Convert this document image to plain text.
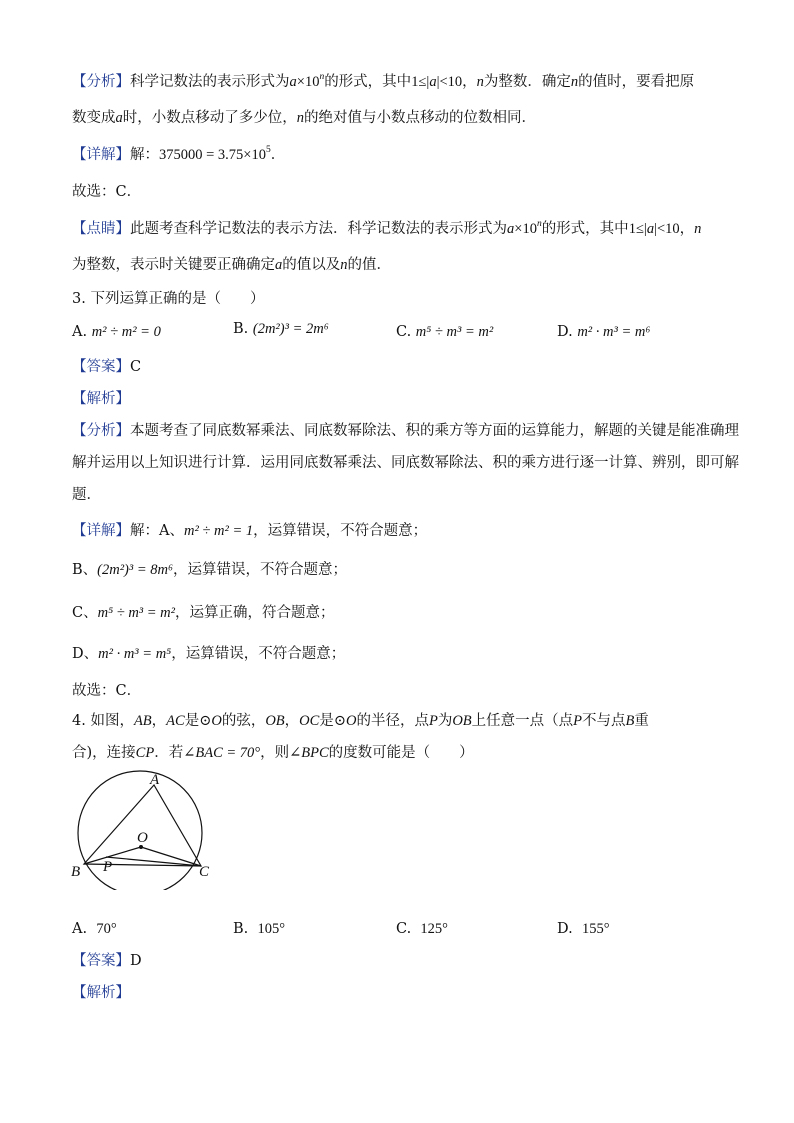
【分析】科学记数法的表示形式为$a\times 10^n$的形式，其中1≤|a|<10，n为整数．确定n的值时，要看把原
数变成a时，小数点移动了多少位，n的绝对值与小数点移动的位数相同．
【详解】解：$375000 = 3.75\times 10^5$．
故选：C．
【点睛】此题考查科学记数法的表示方法．科学记数法的表示形式为$a\times 10^n$的形式，其中1≤|a|<10，n
为整数，表示时关键要正确确定a的值以及n的值．
3. 下列运算正确的是（　　）
A. m² ÷ m² = 0	B. (2m²)³ = 2m⁶	C. m⁵ ÷ m³ = m²	D. m² · m³ = m⁶
【答案】C
【解析】
【分析】本题考查了同底数幂乘法、同底数幂除法、积的乘方等方面的运算能力，解题的关键是能准确理
解并运用以上知识进行计算．运用同底数幂乘法、同底数幂除法、积的乘方进行逐一计算、辨别，即可解
题．
【详解】解：A、m² ÷ m² = 1，运算错误，不符合题意；
B、(2m²)³ = 8m⁶，运算错误，不符合题意；
C、m⁵ ÷ m³ = m²，运算正确，符合题意；
D、m² · m³ = m⁵，运算错误，不符合题意；
故选：C．
4. 如图，AB，AC是⊙O的弦，OB，OC是⊙O的半径，点P为OB上任意一点（点P不与点B重
合)，连接CP．若∠BAC = 70°，则∠BPC的度数可能是（　　）
A
O
B P	C
A. 70°	B. 105°	C. 125°	D. 155°
【答案】D
【解析】
